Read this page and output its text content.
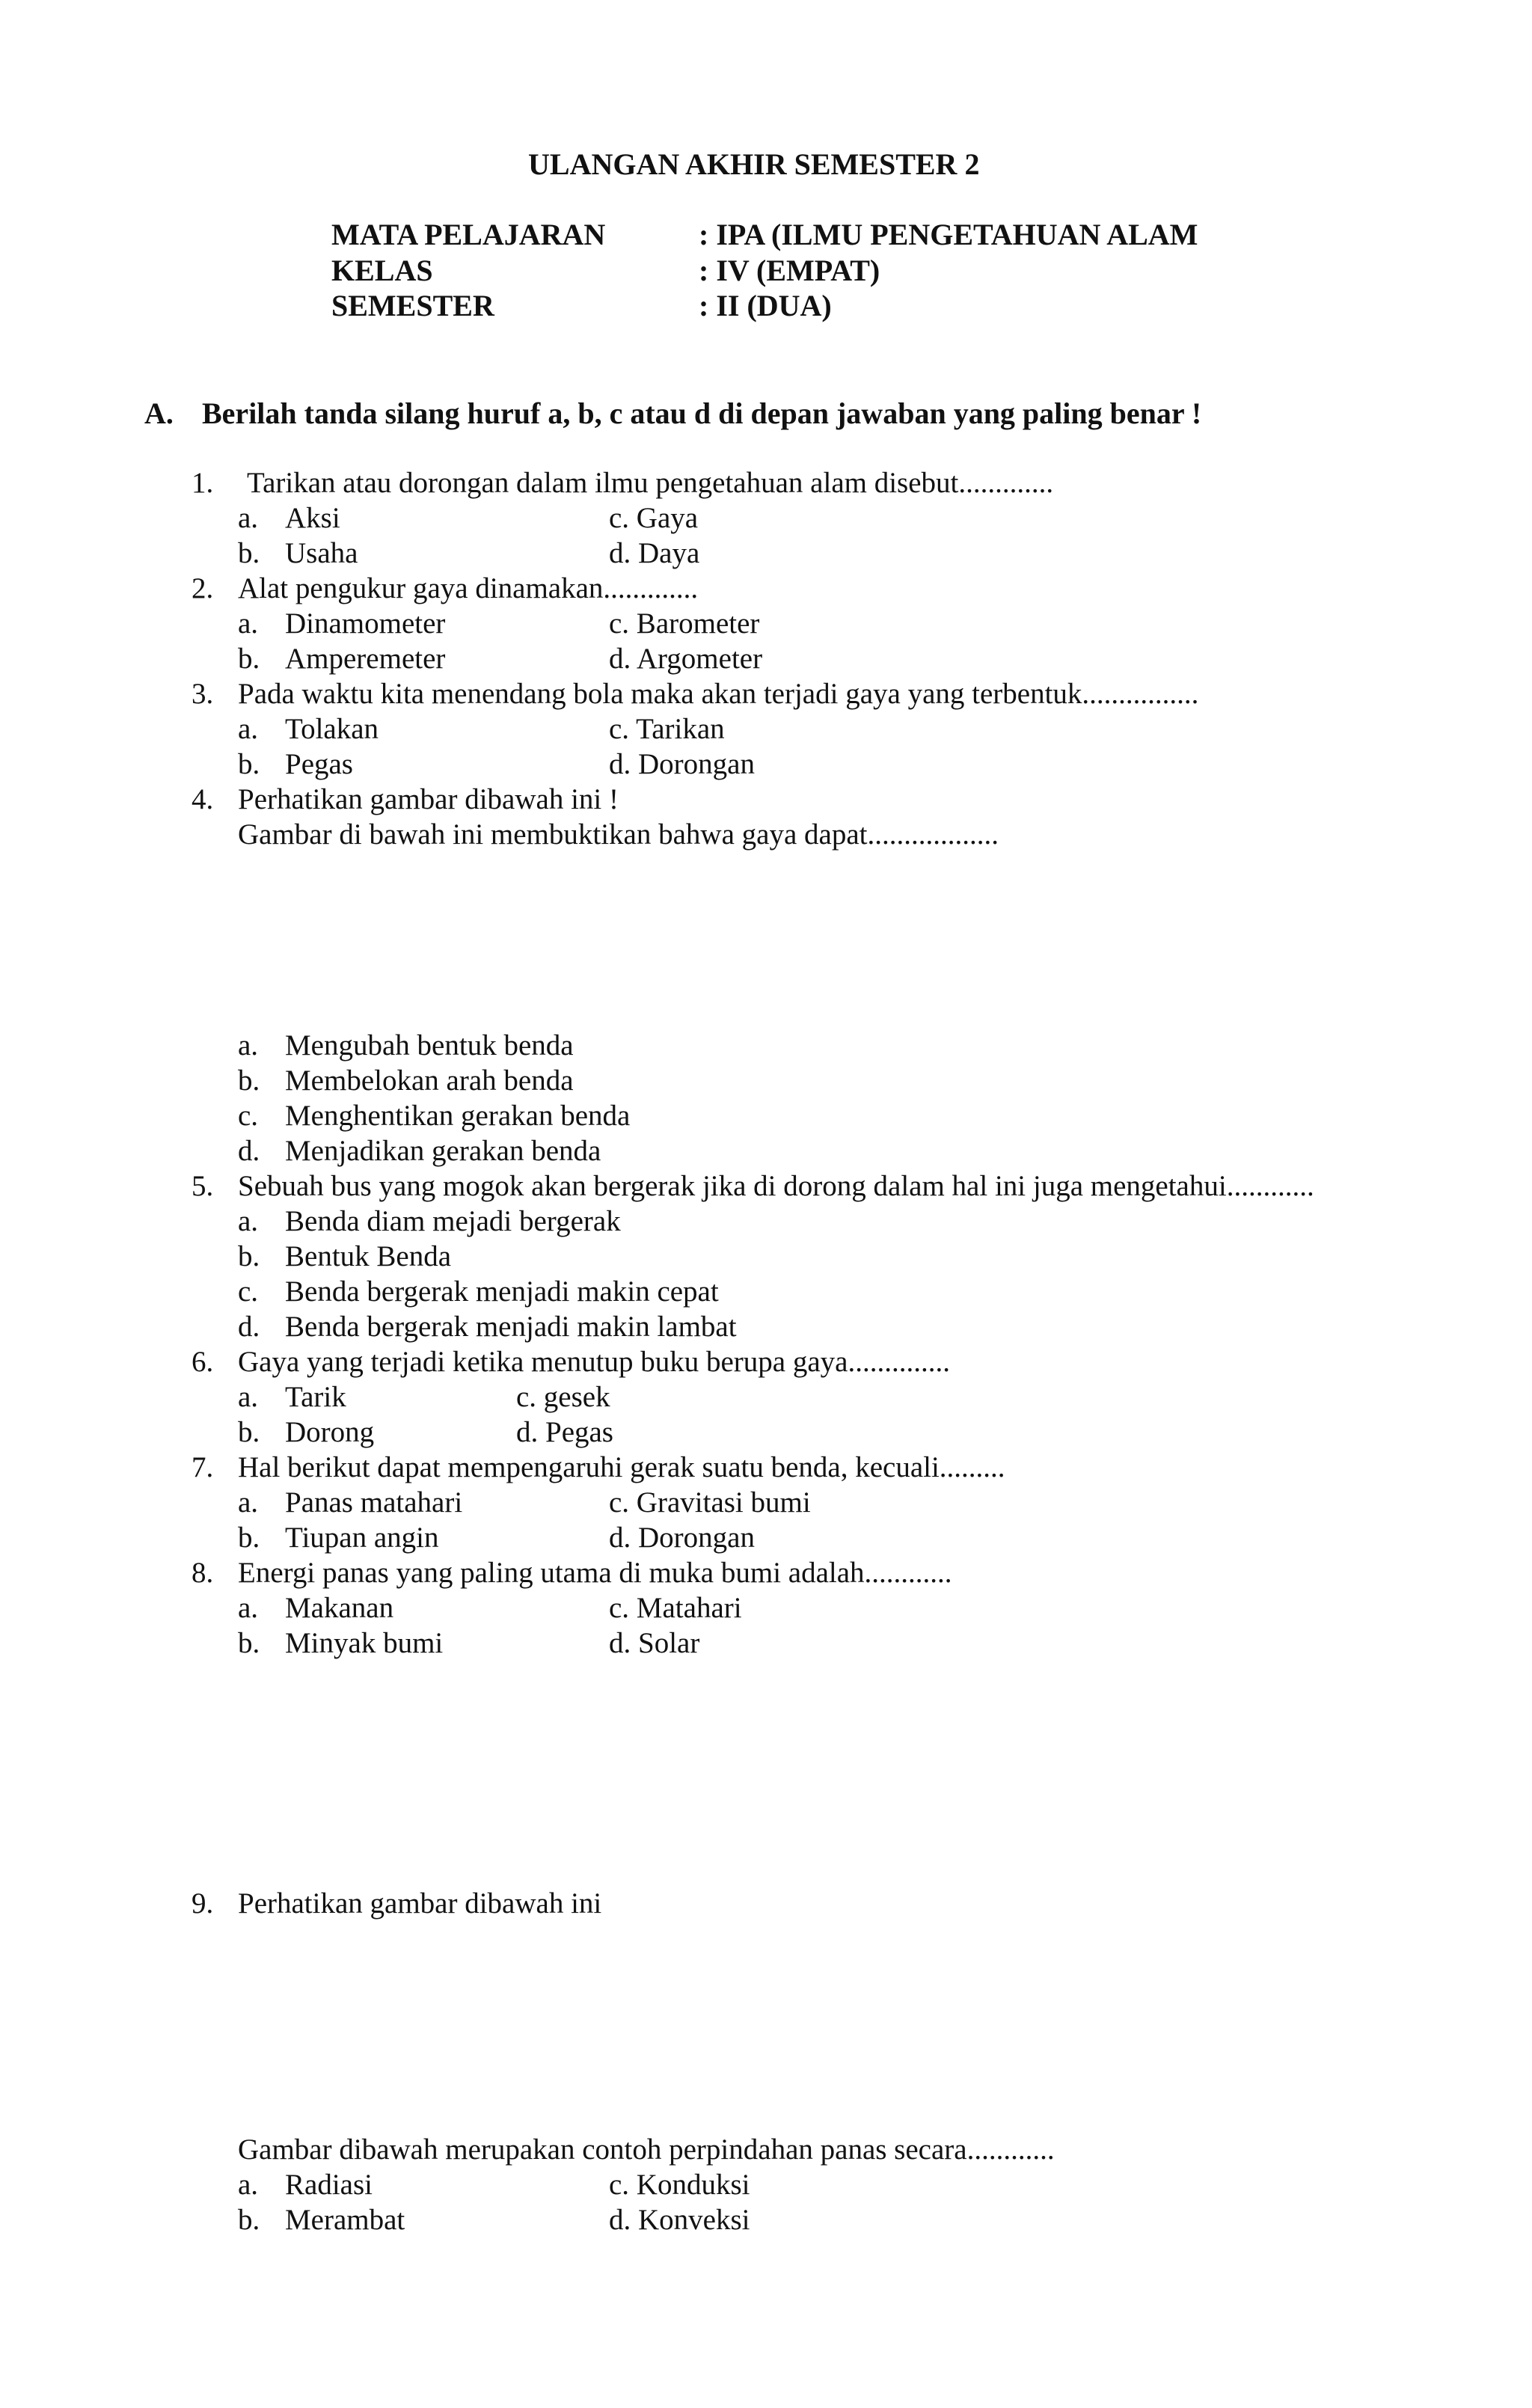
ULANGAN AKHIR SEMESTER 2
MATA PELAJARAN	: IPA (ILMU PENGETAHUAN ALAM
KELAS	: IV (EMPAT)
SEMESTER	: II (DUA)
A. Berilah tanda silang huruf a, b, c atau d di depan jawaban yang paling benar !
1. Tarikan atau dorongan dalam ilmu pengetahuan alam disebut.............
a. Aksi	c. Gaya
b. Usaha	d. Daya
2. Alat pengukur gaya dinamakan.............
a. Dinamometer	c. Barometer
b. Amperemeter	d. Argometer
3. Pada waktu kita menendang bola maka akan terjadi gaya yang terbentuk................
a. Tolakan	c. Tarikan
b. Pegas	d. Dorongan
4. Perhatikan gambar dibawah ini !
Gambar di bawah ini membuktikan bahwa gaya dapat..................
a. Mengubah bentuk benda
b. Membelokan arah benda
c. Menghentikan gerakan benda
d. Menjadikan gerakan benda
5. Sebuah bus yang mogok akan bergerak jika di dorong dalam hal ini juga mengetahui............
a. Benda diam mejadi bergerak
b. Bentuk Benda
c. Benda bergerak menjadi makin cepat
d. Benda bergerak menjadi makin lambat
6. Gaya yang terjadi ketika menutup buku berupa gaya..............
a. Tarik	c. gesek
b. Dorong	d. Pegas
7. Hal berikut dapat mempengaruhi gerak suatu benda, kecuali.........
a. Panas matahari	c. Gravitasi bumi
b. Tiupan angin	d. Dorongan
8. Energi panas yang paling utama di muka bumi adalah............
a. Makanan	c. Matahari
b. Minyak bumi	d. Solar
9. Perhatikan gambar dibawah ini
Gambar dibawah merupakan contoh perpindahan panas secara............
a. Radiasi	c. Konduksi
b. Merambat	d. Konveksi
